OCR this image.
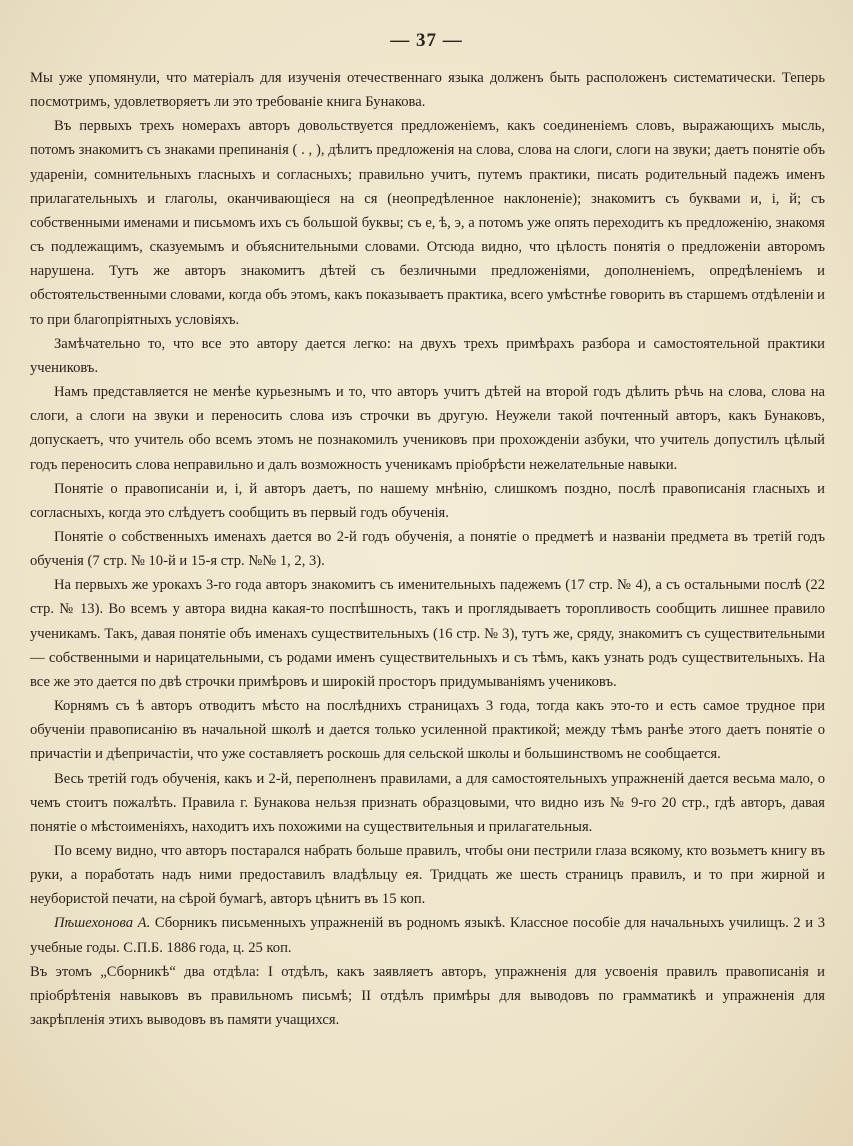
— 37 —

Мы уже упомянули, что матеріалъ для изученія отечественнаго языка долженъ быть расположенъ систематически. Теперь посмотримъ, удовлетворяетъ ли это требованіе книга Бунакова.

Въ первыхъ трехъ номерахъ авторъ довольствуется предложеніемъ, какъ соединеніемъ словъ, выражающихъ мысль, потомъ знакомитъ съ знаками препинанія ( . , ), дѣлитъ предложенія на слова, слова на слоги, слоги на звуки; даетъ понятіе объ удареніи, сомнительныхъ гласныхъ и согласныхъ; правильно учитъ, путемъ практики, писать родительный падежъ именъ прилагательныхъ и глаголы, оканчивающіеся на ся (неопредѣленное наклоненіе); знакомитъ съ буквами и, і, й; съ собственными именами и письмомъ ихъ съ большой буквы; съ е, ѣ, э, а потомъ уже опять переходитъ къ предложенію, знакомя съ подлежащимъ, сказуемымъ и объяснительными словами. Отсюда видно, что цѣлость понятія о предложеніи авторомъ нарушена. Тутъ же авторъ знакомитъ дѣтей съ безличными предложеніями, дополненіемъ, опредѣленіемъ и обстоятельственными словами, когда объ этомъ, какъ показываетъ практика, всего умѣстнѣе говорить въ старшемъ отдѣленіи и то при благопріятныхъ условіяхъ.

Замѣчательно то, что все это автору дается легко: на двухъ трехъ примѣрахъ разбора и самостоятельной практики учениковъ.

Намъ представляется не менѣе курьезнымъ и то, что авторъ учитъ дѣтей на второй годъ дѣлить рѣчь на слова, слова на слоги, а слоги на звуки и переносить слова изъ строчки въ другую. Неужели такой почтенный авторъ, какъ Бунаковъ, допускаетъ, что учитель обо всемъ этомъ не познакомилъ учениковъ при прохожденіи азбуки, что учитель допустилъ цѣлый годъ переносить слова неправильно и далъ возможность ученикамъ пріобрѣсти нежелательные навыки.

Понятіе о правописаніи и, і, й авторъ даетъ, по нашему мнѣнію, слишкомъ поздно, послѣ правописанія гласныхъ и согласныхъ, когда это слѣдуетъ сообщить въ первый годъ обученія.

Понятіе о собственныхъ именахъ дается во 2-й годъ обученія, а понятіе о предметѣ и названіи предмета въ третій годъ обученія (7 стр. № 10-й и 15-я стр. №№ 1, 2, 3).

На первыхъ же урокахъ 3-го года авторъ знакомитъ съ именительныхъ падежемъ (17 стр. № 4), а съ остальными послѣ (22 стр. № 13). Во всемъ у автора видна какая-то поспѣшность, такъ и проглядываетъ торопливость сообщить лишнее правило ученикамъ. Такъ, давая понятіе объ именахъ существительныхъ (16 стр. № 3), тутъ же, сряду, знакомитъ съ существительными — собственными и нарицательными, съ родами именъ существительныхъ и съ тѣмъ, какъ узнать родъ существительныхъ. На все же это дается по двѣ строчки примѣровъ и широкій просторъ придумываніямъ учениковъ.

Корнямъ съ ѣ авторъ отводитъ мѣсто на послѣднихъ страницахъ 3 года, тогда какъ это-то и есть самое трудное при обученіи правописанію въ начальной школѣ и дается только усиленной практикой; между тѣмъ ранѣе этого даетъ понятіе о причастіи и дѣепричастіи, что уже составляетъ роскошь для сельской школы и большинствомъ не сообщается.

Весь третій годъ обученія, какъ и 2-й, переполненъ правилами, а для самостоятельныхъ упражненій дается весьма мало, о чемъ стоитъ пожалѣть. Правила г. Бунакова нельзя признать образцовыми, что видно изъ № 9-го 20 стр., гдѣ авторъ, давая понятіе о мѣстоименіяхъ, находитъ ихъ похожими на существительныя и прилагательныя.

По всему видно, что авторъ постарался набрать больше правилъ, чтобы они пестрили глаза всякому, кто возьметъ книгу въ руки, а поработать надъ ними предоставилъ владѣльцу ея. Тридцать же шесть страницъ правилъ, и то при жирной и неубористой печати, на сѣрой бумагѣ, авторъ цѣнитъ въ 15 коп.

Пѣшехонова А. Сборникъ письменныхъ упражненій въ родномъ языкѣ. Классное пособіе для начальныхъ училищъ. 2 и 3 учебные годы. С.П.Б. 1886 года, ц. 25 коп.

Въ этомъ „Сборникѣ“ два отдѣла: I отдѣлъ, какъ заявляетъ авторъ, упражненія для усвоенія правилъ правописанія и пріобрѣтенія навыковъ въ правильномъ письмѣ; II отдѣлъ примѣры для выводовъ по грамматикѣ и упражненія для закрѣпленія этихъ выводовъ въ памяти учащихся.
